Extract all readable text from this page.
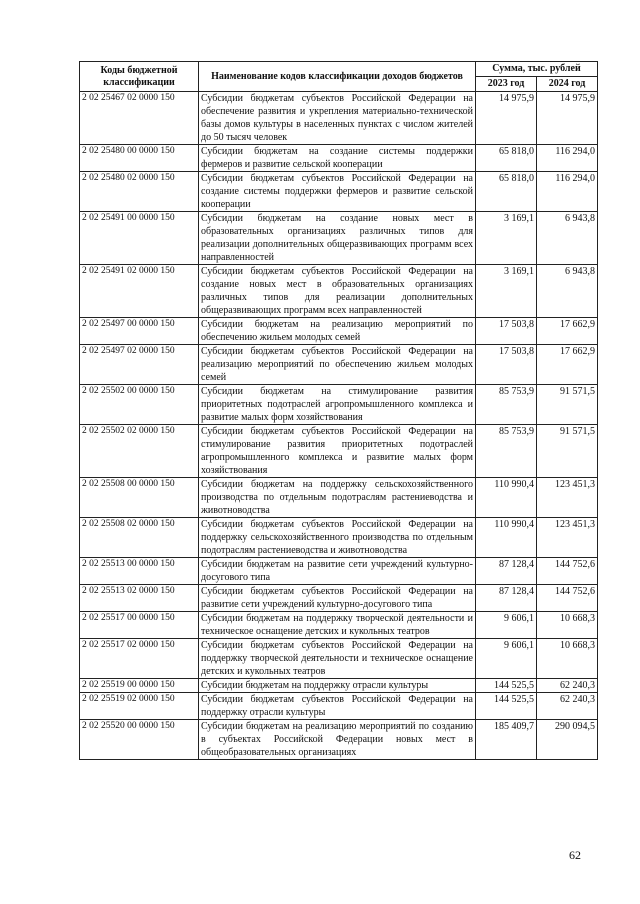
Коды бюджетной классификации	Наименование кодов классификации доходов бюджетов	Сумма, тыс. рублей	
		2023 год	2024 год
2 02 25467 02 0000 150	Субсидии бюджетам субъектов Российской Федерации на обеспечение развития и укрепления материально-технической базы домов культуры в населенных пунктах с числом жителей до 50 тысяч человек	14 975,9	14 975,9
2 02 25480 00 0000 150	Субсидии бюджетам на создание системы поддержки фермеров и развитие сельской кооперации	65 818,0	116 294,0
2 02 25480 02 0000 150	Субсидии бюджетам субъектов Российской Федерации на создание системы поддержки фермеров и развитие сельской кооперации	65 818,0	116 294,0
2 02 25491 00 0000 150	Субсидии бюджетам на создание новых мест в образовательных организациях различных типов для реализации дополнительных общеразвивающих программ всех направленностей	3 169,1	6 943,8
2 02 25491 02 0000 150	Субсидии бюджетам субъектов Российской Федерации на создание новых мест в образовательных организациях различных типов для реализации дополнительных общеразвивающих программ всех направленностей	3 169,1	6 943,8
2 02 25497 00 0000 150	Субсидии бюджетам на реализацию мероприятий по обеспечению жильем молодых семей	17 503,8	17 662,9
2 02 25497 02 0000 150	Субсидии бюджетам субъектов Российской Федерации на реализацию мероприятий по обеспечению жильем молодых семей	17 503,8	17 662,9
2 02 25502 00 0000 150	Субсидии бюджетам на стимулирование развития приоритетных подотраслей агропромышленного комплекса и развитие малых форм хозяйствования	85 753,9	91 571,5
2 02 25502 02 0000 150	Субсидии бюджетам субъектов Российской Федерации на стимулирование развития приоритетных подотраслей агропромышленного комплекса и развитие малых форм хозяйствования	85 753,9	91 571,5
2 02 25508 00 0000 150	Субсидии бюджетам на поддержку сельскохозяйственного производства по отдельным подотраслям растениеводства и животноводства	110 990,4	123 451,3
2 02 25508 02 0000 150	Субсидии бюджетам субъектов Российской Федерации на поддержку сельскохозяйственного производства по отдельным подотраслям растениеводства и животноводства	110 990,4	123 451,3
2 02 25513 00 0000 150	Субсидии бюджетам на развитие сети учреждений культурно-досугового типа	87 128,4	144 752,6
2 02 25513 02 0000 150	Субсидии бюджетам субъектов Российской Федерации на развитие сети учреждений культурно-досугового типа	87 128,4	144 752,6
2 02 25517 00 0000 150	Субсидии бюджетам на поддержку творческой деятельности и техническое оснащение детских и кукольных театров	9 606,1	10 668,3
2 02 25517 02 0000 150	Субсидии бюджетам субъектов Российской Федерации на поддержку творческой деятельности и техническое оснащение детских и кукольных театров	9 606,1	10 668,3
2 02 25519 00 0000 150	Субсидии бюджетам на поддержку отрасли культуры	144 525,5	62 240,3
2 02 25519 02 0000 150	Субсидии бюджетам субъектов Российской Федерации на поддержку отрасли культуры	144 525,5	62 240,3
2 02 25520 00 0000 150	Субсидии бюджетам на реализацию мероприятий по созданию в субъектах Российской Федерации новых мест в общеобразовательных организациях	185 409,7	290 094,5
62
